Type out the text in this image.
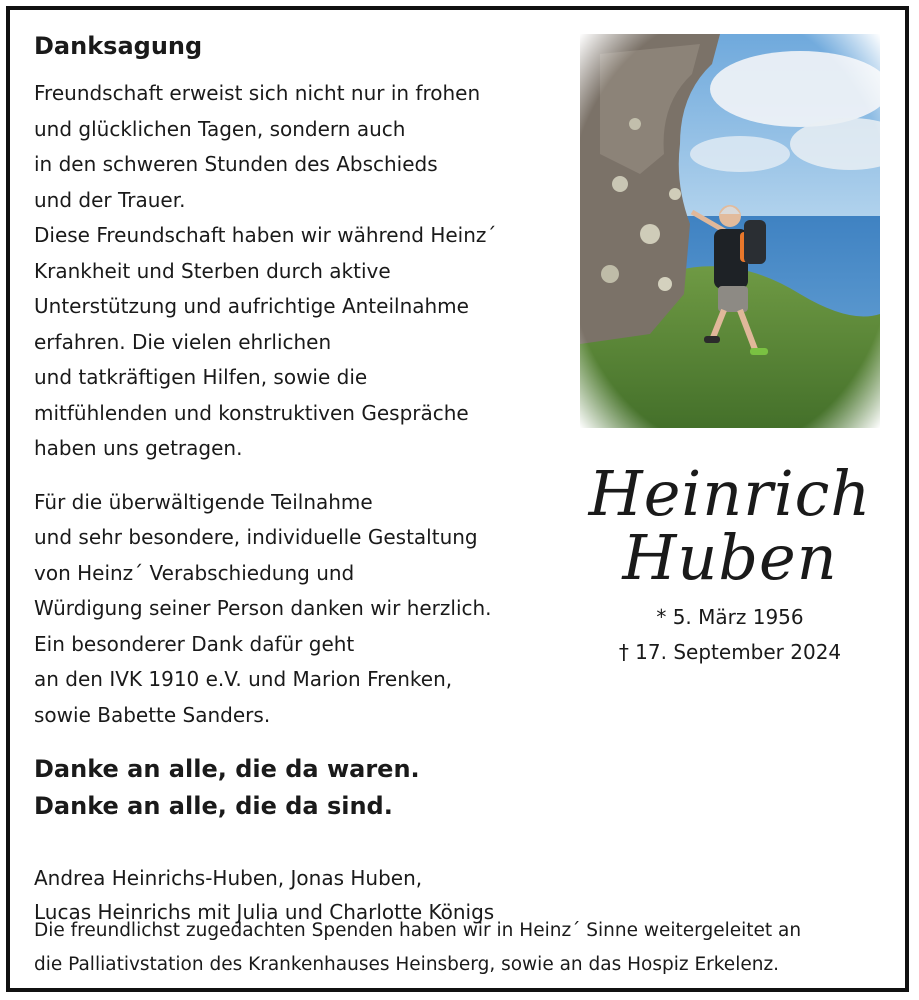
Danksagung

Freundschaft erweist sich nicht nur in frohen
und glücklichen Tagen, sondern auch
in den schweren Stunden des Abschieds
und der Trauer.
Diese Freundschaft haben wir während Heinz´
Krankheit und Sterben durch aktive
Unterstützung und aufrichtige Anteilnahme
erfahren. Die vielen ehrlichen
und tatkräftigen Hilfen, sowie die
mitfühlenden und konstruktiven Gespräche
haben uns getragen.

Für die überwältigende Teilnahme
und sehr besondere, individuelle Gestaltung
von Heinz´ Verabschiedung und
Würdigung seiner Person danken wir herzlich.
Ein besonderer Dank dafür geht
an den IVK 1910 e.V. und Marion Frenken,
sowie Babette Sanders.

Danke an alle, die da waren.
Danke an alle, die da sind.
Andrea Heinrichs-Huben, Jonas Huben,
Lucas Heinrichs mit Julia und Charlotte Königs
Heinrich
Huben
* 5. März 1956
† 17. September 2024
Die freundlichst zugedachten Spenden haben wir in Heinz´ Sinne weitergeleitet an
die Palliativstation des Krankenhauses Heinsberg, sowie an das Hospiz Erkelenz.
